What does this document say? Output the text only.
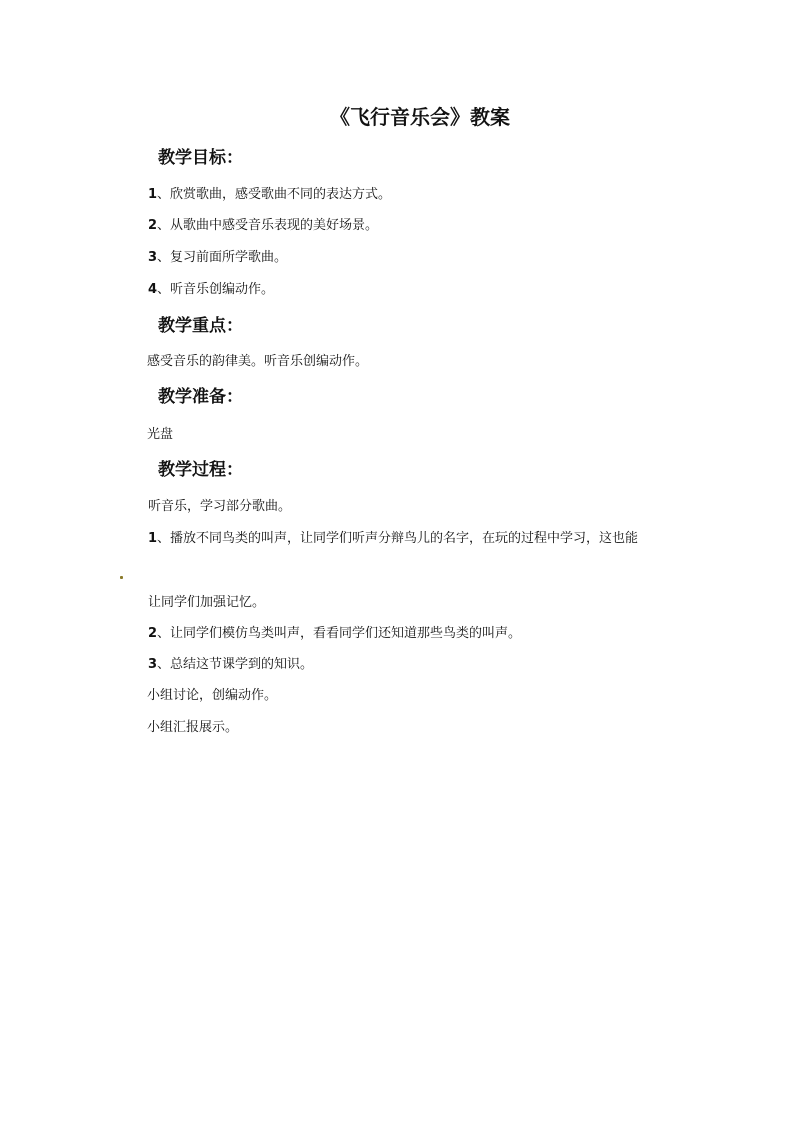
《飞行音乐会》教案
教学目标：
1、欣赏歌曲，感受歌曲不同的表达方式。
2、从歌曲中感受音乐表现的美好场景。
3、复习前面所学歌曲。
4、听音乐创编动作。
教学重点：
感受音乐的韵律美。听音乐创编动作。
教学准备：
光盘
教学过程：
听音乐，学习部分歌曲。
1、播放不同鸟类的叫声，让同学们听声分辩鸟儿的名字，在玩的过程中学习，这也能
让同学们加强记忆。
2、让同学们模仿鸟类叫声，看看同学们还知道那些鸟类的叫声。
3、总结这节课学到的知识。
小组讨论，创编动作。
小组汇报展示。
